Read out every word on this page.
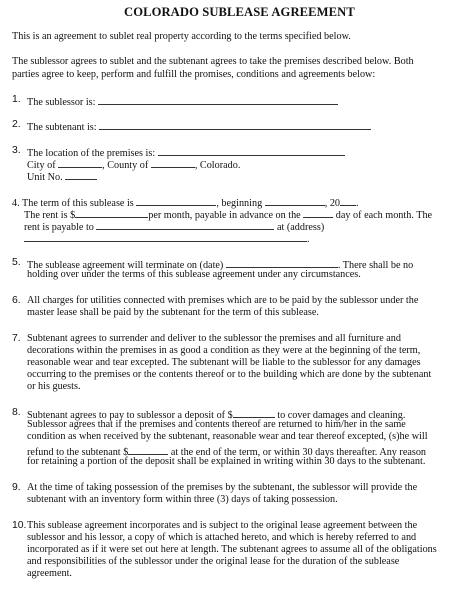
COLORADO SUBLEASE AGREEMENT
This is an agreement to sublet real property according to the terms specified below.
The sublessor agrees to sublet and the subtenant agrees to take the premises described below. Both
parties agree to keep, perform and fulfill the promises, conditions and agreements below:
1. The sublessor is:
2. The subtenant is:
3. The location of the premises is:
City of	, County of	, Colorado.
Unit No.
4. The term of this sublease is	, beginning	, 20 .
The rent is $	per month, payable in advance on the	day of each month. The
rent is payable to	at (address)
.
5. The sublease agreement will terminate on (date)	. There shall be no
holding over under the terms of this sublease agreement under any circumstances.
6. All charges for utilities connected with premises which are to be paid by the sublessor under the
master lease shall be paid by the subtenant for the term of this sublease.
7. Subtenant agrees to surrender and deliver to the sublessor the premises and all furniture and
decorations within the premises in as good a condition as they were at the beginning of the term,
reasonable wear and tear excepted. The subtenant will be liable to the sublessor for any damages
occurring to the premises or the contents thereof or to the building which are done by the subtenant
or his guests.
8. Subtenant agrees to pay to sublessor a deposit of $	to cover damages and cleaning.
Sublessor agrees that if the premises and contents thereof are returned to him/her in the same
condition as when received by the subtenant, reasonable wear and tear thereof excepted, (s)he will
refund to the subtenant $	at the end of the term, or within 30 days thereafter. Any reason
for retaining a portion of the deposit shall be explained in writing within 30 days to the subtenant.
9. At the time of taking possession of the premises by the subtenant, the sublessor will provide the
subtenant with an inventory form within three (3) days of taking possession.
10. This sublease agreement incorporates and is subject to the original lease agreement between the
sublessor and his lessor, a copy of which is attached hereto, and which is hereby referred to and
incorporated as if it were set out here at length. The subtenant agrees to assume all of the obligations
and responsibilities of the sublessor under the original lease for the duration of the sublease
agreement.
